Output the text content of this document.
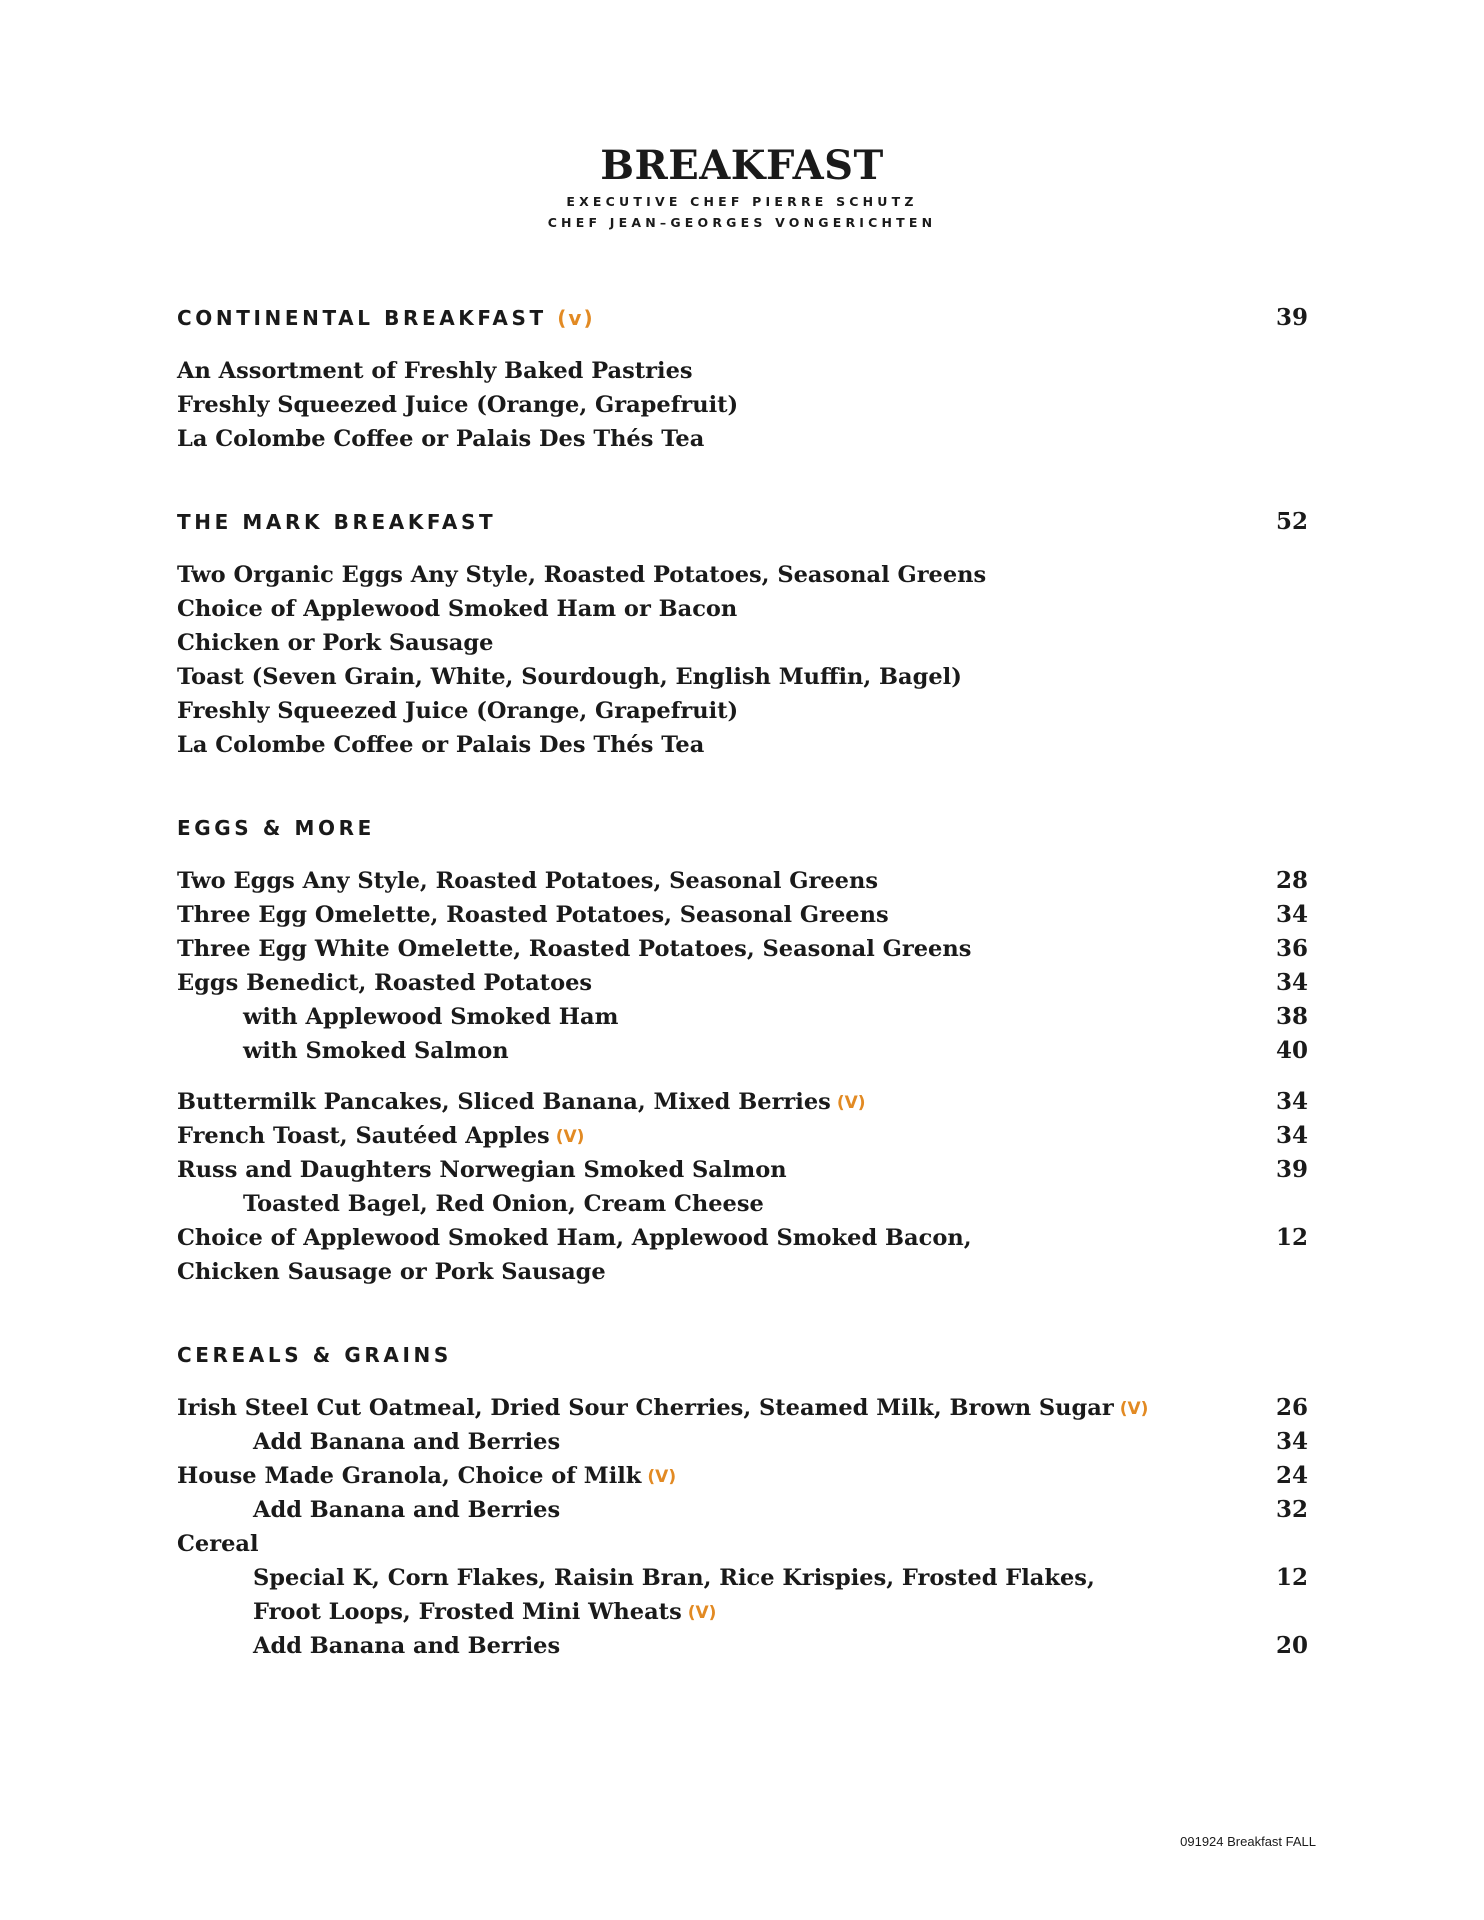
BREAKFAST
EXECUTIVE CHEF PIERRE SCHUTZ
CHEF JEAN–GEORGES VONGERICHTEN
CONTINENTAL BREAKFAST (v)	39
An Assortment of Freshly Baked Pastries
Freshly Squeezed Juice (Orange, Grapefruit)
La Colombe Coffee or Palais Des Thés Tea
THE MARK BREAKFAST	52
Two Organic Eggs Any Style, Roasted Potatoes, Seasonal Greens
Choice of Applewood Smoked Ham or Bacon
Chicken or Pork Sausage
Toast (Seven Grain, White, Sourdough, English Muffin, Bagel)
Freshly Squeezed Juice (Orange, Grapefruit)
La Colombe Coffee or Palais Des Thés Tea
EGGS & MORE
Two Eggs Any Style, Roasted Potatoes, Seasonal Greens	28
Three Egg Omelette, Roasted Potatoes, Seasonal Greens	34
Three Egg White Omelette, Roasted Potatoes, Seasonal Greens	36
Eggs Benedict, Roasted Potatoes	34
with Applewood Smoked Ham	38
with Smoked Salmon	40
Buttermilk Pancakes, Sliced Banana, Mixed Berries (V)	34
French Toast, Sautéed Apples (V)	34
Russ and Daughters Norwegian Smoked Salmon	39
Toasted Bagel, Red Onion, Cream Cheese
Choice of Applewood Smoked Ham, Applewood Smoked Bacon,	12
Chicken Sausage or Pork Sausage
CEREALS & GRAINS
Irish Steel Cut Oatmeal, Dried Sour Cherries, Steamed Milk, Brown Sugar (V)	26
Add Banana and Berries	34
House Made Granola, Choice of Milk (V)	24
Add Banana and Berries	32
Cereal
Special K, Corn Flakes, Raisin Bran, Rice Krispies, Frosted Flakes,	12
Froot Loops, Frosted Mini Wheats (V)
Add Banana and Berries	20
091924 Breakfast FALL
